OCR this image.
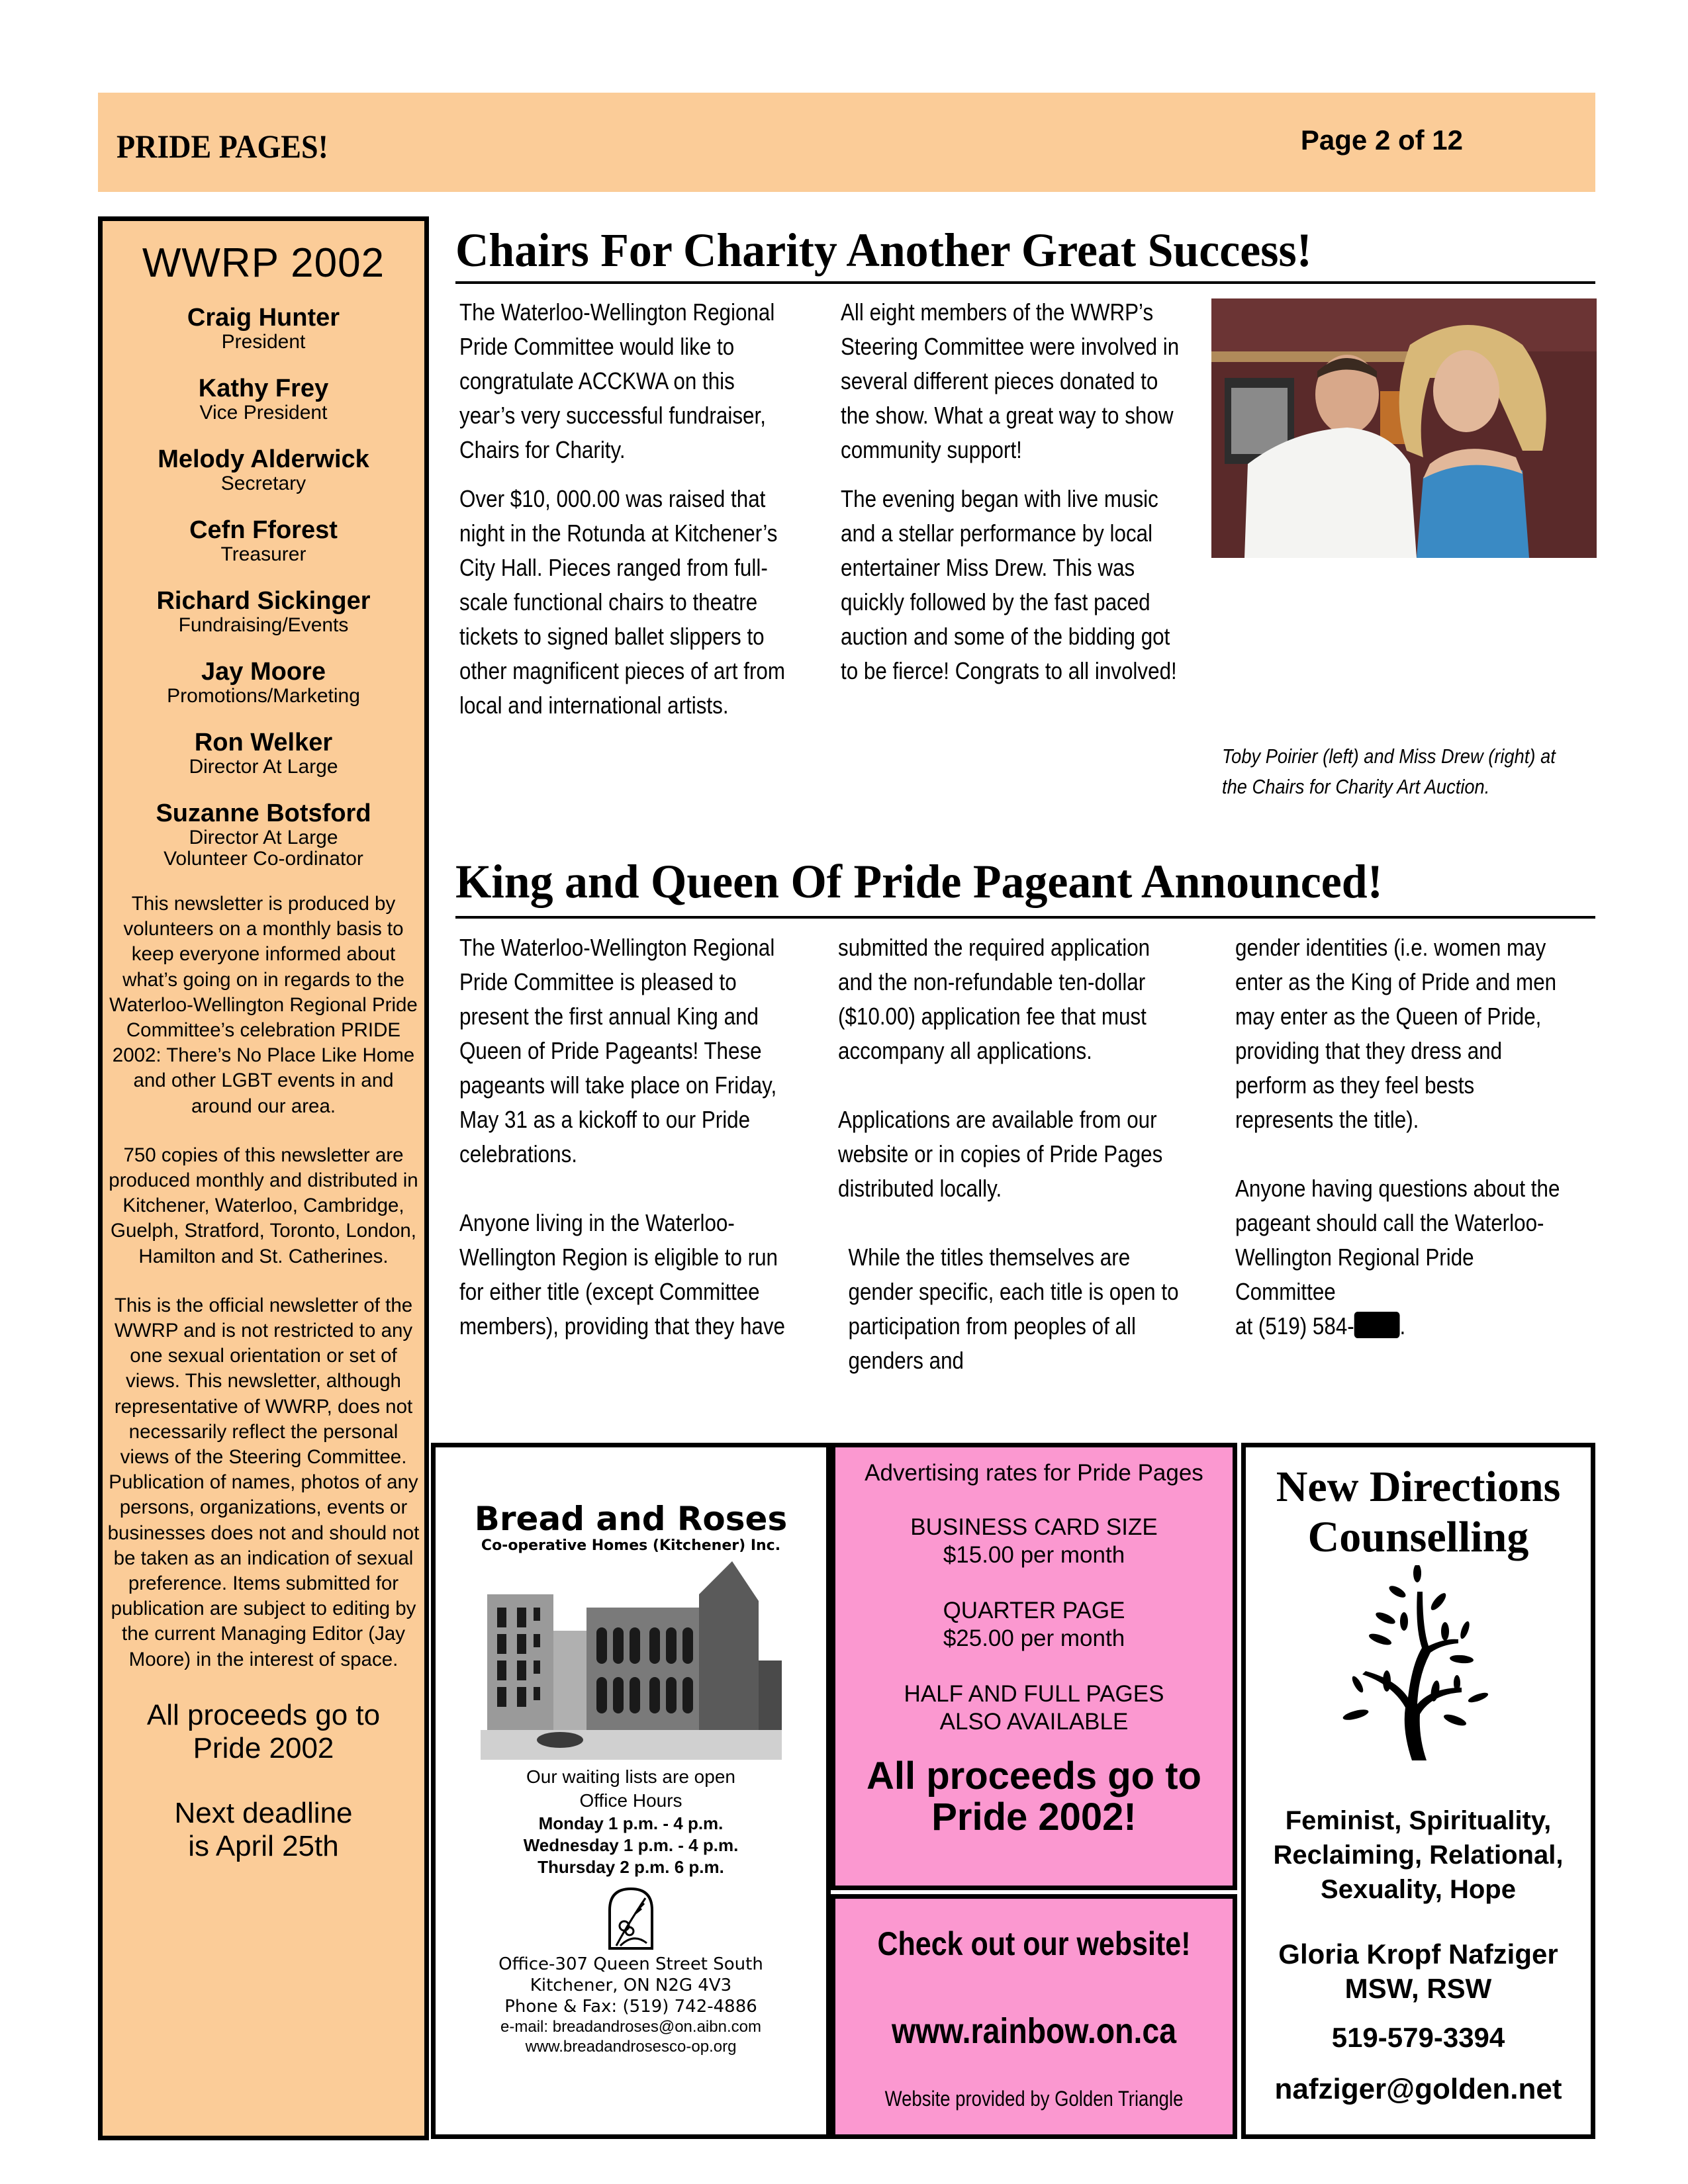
PRIDE PAGES!	Page 2 of 12
WWRP 2002
Craig Hunter
President
Kathy Frey
Vice President
Melody Alderwick
Secretary
Cefn Fforest
Treasurer
Richard Sickinger
Fundraising/Events
Jay Moore
Promotions/Marketing
Ron Welker
Director At Large
Suzanne Botsford
Director At Large
Volunteer Co-ordinator
This newsletter is produced by volunteers on a monthly basis to keep everyone informed about what’s going on in regards to the Waterloo-Wellington Regional Pride Committee’s celebration PRIDE 2002: There’s No Place Like Home and other LGBT events in and around our area.
750 copies of this newsletter are produced monthly and distributed in Kitchener, Waterloo, Cambridge, Guelph, Stratford, Toronto, London, Hamilton and St. Catherines.
This is the official newsletter of the WWRP and is not restricted to any one sexual orientation or set of views. This newsletter, although representative of WWRP, does not necessarily reflect the personal views of the Steering Committee. Publication of names, photos of any persons, organizations, events or businesses does not and should not be taken as an indication of sexual preference. Items submitted for publication are subject to editing by the current Managing Editor (Jay Moore) in the interest of space.
All proceeds go to Pride 2002
Next deadline is April 25th
Chairs For Charity Another Great Success!

The Waterloo-Wellington Regional Pride Committee would like to congratulate ACCKWA on this year’s very successful fundraiser, Chairs for Charity.

Over $10, 000.00 was raised that night in the Rotunda at Kitchener’s City Hall. Pieces ranged from full-scale functional chairs to theatre tickets to signed ballet slippers to other magnificent pieces of art from local and international artists.

All eight members of the WWRP’s Steering Committee were involved in several different pieces donated to the show. What a great way to show community support!

The evening began with live music and a stellar performance by local entertainer Miss Drew. This was quickly followed by the fast paced auction and some of the bidding got to be fierce! Congrats to all involved!

Toby Poirier (left) and Miss Drew (right) at the Chairs for Charity Art Auction.
King and Queen Of Pride Pageant Announced!

The Waterloo-Wellington Regional Pride Committee is pleased to present the first annual King and Queen of Pride Pageants! These pageants will take place on Friday, May 31 as a kickoff to our Pride celebrations.

Anyone living in the Waterloo-Wellington Region is eligible to run for either title (except Committee members), providing that they have

submitted the required application and the non-refundable ten-dollar ($10.00) application fee that must accompany all applications.

Applications are available from our website or in copies of Pride Pages distributed locally.

While the titles themselves are gender specific, each title is open to participation from peoples of all genders and

gender identities (i.e. women may enter as the King of Pride and men may enter as the Queen of Pride, providing that they dress and perform as they feel bests represents the title).

Anyone having questions about the pageant should call the Waterloo-Wellington Regional Pride Committee
at (519) 584- .

Bread and Roses
Co-operative Homes (Kitchener) Inc.
Our waiting lists are open
Office Hours
Monday 1 p.m. - 4 p.m.
Wednesday 1 p.m. - 4 p.m.
Thursday 2 p.m. 6 p.m.
Office-307 Queen Street South
Kitchener, ON N2G 4V3
Phone & Fax: (519) 742-4886
e-mail: breadandroses@on.aibn.com
www.breadandrosesco-op.org
Advertising rates for Pride Pages
BUSINESS CARD SIZE
$15.00 per month
QUARTER PAGE
$25.00 per month
HALF AND FULL PAGES
ALSO AVAILABLE
All proceeds go to Pride 2002!
Check out our website!
www.rainbow.on.ca
Website provided by Golden Triangle
New Directions Counselling
Feminist, Spirituality, Reclaiming, Relational, Sexuality, Hope
Gloria Kropf Nafziger
MSW, RSW
519-579-3394
nafziger@golden.net
